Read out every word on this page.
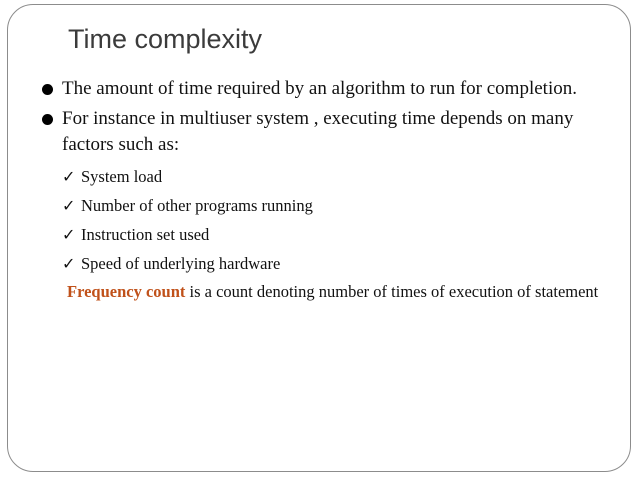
Time complexity
The amount of time required by an algorithm to run for completion.
For instance in multiuser system , executing time depends on many factors such as:
✓ System load
✓ Number of other programs running
✓ Instruction set used
✓ Speed of underlying hardware
Frequency count is a count denoting number of times of execution of statement
